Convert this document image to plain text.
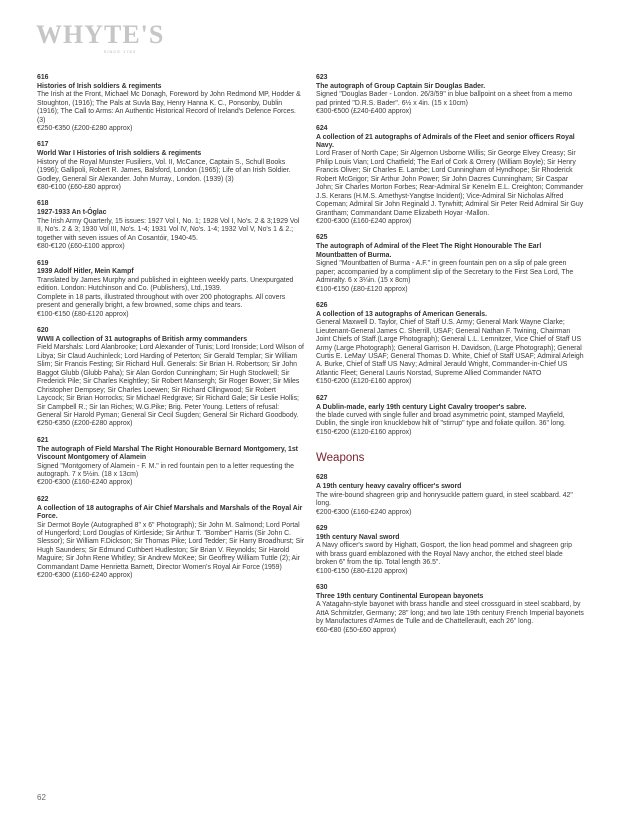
WHYTE'S
SINCE 1783
616
Histories of Irish soldiers & regiments
The Irish at the Front, Michael Mc Donagh, Foreword by John Redmond MP, Hodder & Stoughton, (1916); The Pals at Suvla Bay, Henry Hanna K. C., Ponsonby, Dublin (1916); The Call to Arms: An Authentic Historical Record of Ireland's Defence Forces. (3)
€250-€350 (£200-£280 approx)
617
World War I Histories of Irish soldiers & regiments
History of the Royal Munster Fusiliers, Vol. II, McCance, Captain S., Schull Books (1996); Gallipoli, Robert R. James, Balsford, London (1965); Life of an Irish Soldier. Godley, General Sir Alexander. John Murray., London. (1939) (3)
€80-€100 (£60-£80 approx)
618
1927-1933 An t-Óglac
The Irish Army Quarterly, 15 issues: 1927 Vol I, No. 1; 1928 Vol I, No's. 2 & 3;1929 Vol II, No's. 2 & 3; 1930 Vol III, No's. 1-4; 1931 Vol IV, No's. 1-4; 1932 Vol V, No's 1 & 2.; together with seven issues of An Cosantóir, 1940-45.
€80-€120 (£60-£100 approx)
619
1939 Adolf Hitler, Mein Kampf
Translated by James Murphy and published in eighteen weekly parts. Unexpurgated edition. London: Hutchinson and Co. (Publishers), Ltd.,1939.
Complete in 18 parts, illustrated throughout with over 200 photographs. All covers present and generally bright, a few browned, some chips and tears.
€100-€150 (£80-£120 approx)
620
WWII A collection of 31 autographs of British army commanders
Field Marshals: Lord Alanbrooke; Lord Alexander of Tunis; Lord Ironside; Lord Wilson of Libya; Sir Claud Auchinleck; Lord Harding of Peterton; Sir Gerald Templar; Sir William Slim; Sir Francis Festing; Sir Richard Hull. Generals: Sir Brian H. Robertson; Sir John Baggot Glubb (Glubb Paha); Sir Alan Gordon Cunningham; Sir Hugh Stockwell; Sir Frederick Pile; Sir Charles Keightley; Sir Robert Mansergh; Sir Roger Bower; Sir Miles Christopher Dempsey; Sir Charles Loewen; Sir Richard Cllingwood; Sir Robert Laycock; Sir Brian Horrocks; Sir Michael Redgrave; Sir Richard Gale; Sir Leslie Hollis; Sir Campbell R.; Sir Ian Riches; W.G.Pike; Brig. Peter Young. Letters of refusal: General Sir Harold Pyman; General Sir Cecil Sugden; General Sir Richard Goodbody.
€250-€350 (£200-£280 approx)
621
The autograph of Field Marshal The Right Honourable Bernard Montgomery, 1st Viscount Montgomery of Alamein
Signed "Montgomery of Alamein - F. M." in red fountain pen to a letter requesting the autograph. 7 x 5½in. (18 x 13cm)
€200-€300 (£160-£240 approx)
622
A collection of 18 autographs of Air Chief Marshals and Marshals of the Royal Air Force.
Sir Dermot Boyle (Autographed 8" x 6" Photograph); Sir John M. Salmond; Lord Portal of Hungerford; Lord Douglas of Kirtleside; Sir Arthur T. "Bomber" Harris (Sir John C. Slessor); Sir William F.Dickson; Sir Thomas Pike; Lord Tedder; Sir Harry Broadhurst; Sir Hugh Saunders; Sir Edmund Cuthbert Hudleston; Sir Brian V. Reynolds; Sir Harold Maguire; Sir John Rene Whitley; Sir Andrew McKee; Sir Geoffrey William Tuttle (2); Air Commandant Dame Henrietta Barnett, Director Women's Royal Air Force (1959)
€200-€300 (£160-£240 approx)
623
The autograph of Group Captain Sir Douglas Bader.
Signed "Douglas Bader - London. 26/3/59" in blue ballpoint on a sheet from a memo pad printed "D.R.S. Bader". 6½ x 4in. (15 x 10cm)
€300-€500 (£240-£400 approx)
624
A collection of 21 autographs of Admirals of the Fleet and senior officers Royal Navy.
Lord Fraser of North Cape; Sir Algernon Usborne Willis; Sir George Elvey Creasy; Sir Philip Louis Vian; Lord Chatfield; The Earl of Cork & Orrery (William Boyle); Sir Henry Francis Oliver; Sir Charles E. Lambe; Lord Cunningham of Hyndhope; Sir Rhoderick Robert McGrigor; Sir Arthur John Power; Sir John Dacres Cunningham; Sir Caspar John; Sir Charles Morton Forbes; Rear-Admiral Sir Kenelm E.L. Creighton; Commander J.S. Kerans (H.M.S. Amethyst-Yangtse Incident); Vice-Admiral Sir Nicholas Alfred Copeman; Admiral Sir John Reginald J. Tyrwhitt; Admiral Sir Peter Reid Admiral Sir Guy Grantham; Commandant Dame Elizabeth Hoyar -Mallon.
€200-€300 (£160-£240 approx)
625
The autograph of Admiral of the Fleet The Right Honourable The Earl Mountbatten of Burma.
Signed "Mountbatten of Burma - A.F." in green fountain pen on a slip of pale green paper; accompanied by a compliment slip of the Secretary to the First Sea Lord, The Admiralty. 6 x 3¼in. (15 x 8cm)
€100-€150 (£80-£120 approx)
626
A collection of 13 autographs of American Generals.
General Maxwell D. Taylor, Chief of Staff U.S. Army; General Mark Wayne Clarke; Lieutenant-General James C. Sherrill, USAF; General Nathan F. Twining, Chairman Joint Chiefs of Staff.(Large Photograph); General L.L. Lemnitzer, Vice Chief of Staff US Army (Large Photograph); General Garrison H. Davidson, (Large Photograph); General Curtis E. LeMay' USAF; General Thomas D. White, Chief of Staff USAF; Admiral Arleigh A. Burke, Chief of Staff US Navy; Admiral Jerauld Wright, Commander-in-Chief US Atlantic Fleet; General Lauris Norstad, Supreme Allied Commander NATO
€150-€200 (£120-£160 approx)
627
A Dublin-made, early 19th century Light Cavalry trooper's sabre.
the blade curved with single fuller and broad asymmetric point, stamped Mayfield, Dublin, the single iron knucklebow hilt of "stirrup" type and foliate quillon. 36" long.
€150-€200 (£120-£160 approx)
Weapons
628
A 19th century heavy cavalry officer's sword
The wire-bound shagreen grip and honrysuckle pattern guard, in steel scabbard. 42" long.
€200-€300 (£160-£240 approx)
629
19th century Naval sword
A Navy officer's sword by Highatt, Gosport, the lion head pommel and shagreen grip with brass guard emblazoned with the Royal Navy anchor, the etched steel blade broken 6" from the tip. Total length 36.5".
€100-€150 (£80-£120 approx)
630
Three 19th century Continental European bayonets
A Yatagahn-style bayonet with brass handle and steel crossguard in steel scabbard, by AttA Schmitzler, Germany; 28" long; and two late 19th century French Imperial bayonets by Manufactures d'Armes de Tulle and de Chattellerault, each 26" long.
€60-€80 (£50-£60 approx)
62
